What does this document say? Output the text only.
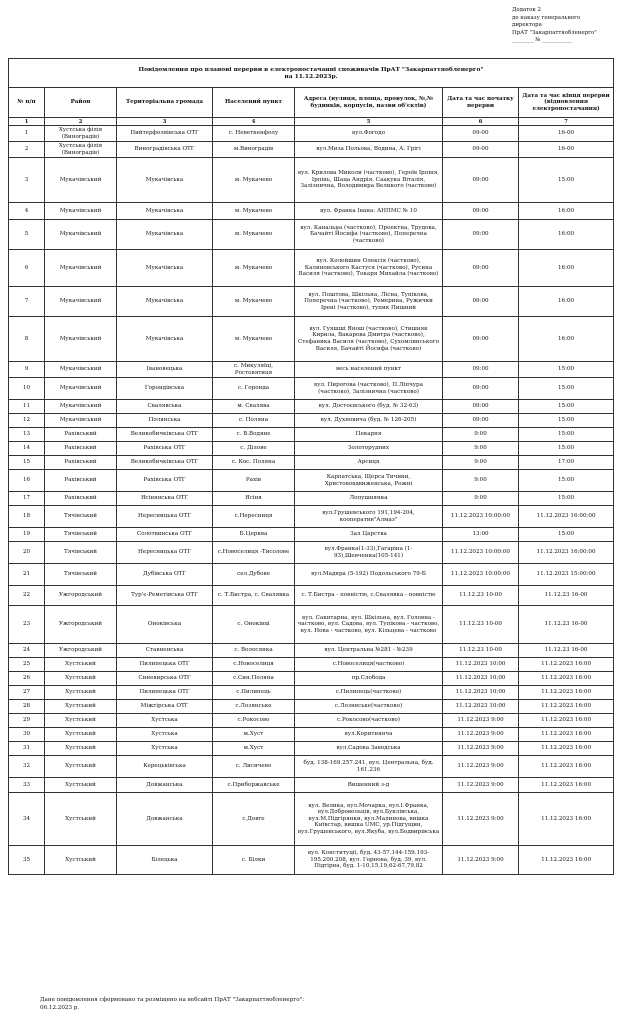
Додаток 2
до наказу генерального
директора
ПрАТ "Закарпаттяобленерго"
________ № ___________
Повідомлення про планові перерви в електропостачанні споживачів ПрАТ "Закарпаттяобленерго"
на 11.12.2023р.						

№ п/п	Район	Територіальна громада	Населений пункт	Адреса (вулиця, площа, провулок, №,№ будинків, корпусів, назви об'єктів)	Дата та час початку перерви	Дата та час кінця перерви (відновлення електропостачання)
1	2	3	4	5	6	7
1	Хустська філія (Виноградів)	Пийтерфолвівська ОТГ	с. Неветкенфолу	вул.Фогодо	09-00	16-00
2	Хустська філія (Виноградів)	Виноградівська ОТГ	м.Виноградів	вул.Миза Польова, Водина, А. Грігі	09-00	16-00
3	Мукачівський	Мукачівська	м. Мукачево	вул. Крилова Миколи (частково), Героїв Ірпіня, Ірпінь, Шаца Андрія, Саакука Віталія, Залізнична, Володимира Великого (частково)	09:00	15:00
4	Мукачівський	Мукачівська	м. Мукачево	вул. Франка Івана: АНПМС № 10	09:00	16:00
5	Мукачівський	Мукачівська	м. Мукачево	вул. Канальна (частково), Проектна, Трудова, Бачайті Йосифа (частково), Поперечна (частково)	09:00	16:00
6	Мукачівський	Мукачівська	м. Мукачево	вул. Колейшин Олексія (частково), Калиновського Кастуся (частково), Русина Василя (частково), Токаря Михайла (частково)	09:00	16:00
7	Мукачівський	Мукачівська	м. Мукачево	вул. Поштова, Шкільна, Лісна, Тупікова, Поперечна (частково), Ремерина, Ружички Ірені (частково), тупик Пишний	09:00	16:00
8	Мукачівський	Мукачівська	м. Мукачево	вул. Гуяшші Янош (частково), Стишняк Кирила, Вакарова Дмитра (частково), Стефаника Василя (частково), Сухомлинського Василя, Бачайті Йосифа (частково)	09:00	16:00
9	Мукачівський	Івановецька	с. Микуляїці, Ростовятиця	весь населений пункт	09:00	15:00
10	Мукачівський	Горондівська	с. Горонда	вул. Пирогова (частково), П.Ліпчура (частково), Залізнична (частково)	09:00	15:00
11	Мукачівський	Свалявська	м. Свалява	вул. Достоєвського (буд. № 32-63)	09:00	15:00
12	Мукачівський	Полянська	с. Поляна	вул. Духновича (буд. № 126-205)	09:00	15:00
13	Рахівський	Великобичківська ОТГ	с. В.Водяне	Пекарня	9:00	15:00
14	Рахівський	Рахівська ОТГ	с. Ділове	Золоторудних	9:00	15:00
15	Рахівський	Великобичківська ОТГ	с. Кос. Поляна	Арсиця	9:00	17:00
16	Рахівський	Рахівська ОТГ	Рахів	Карпатська, Щерса Тичини, Христововдвиженська, Рожні	9:00	15:00
17	Рахівський	Ясінянська ОТГ	Ясіня	Лопушнянка	9:00	15:00
18	Тячівський	Нересницька ОТГ	с.Нересниця	вул.Грушевського 191,194-204, кооператив"Алмаз"	11.12.2023 10:00:00	11.12.2023 16:00:00
19	Тячівський	Солотвинська ОТГ	Б.Церква	Зал Царства	13:00	15:00
20	Тячівський	Нересницька ОТГ	с.Новоселиця -Тисолове	вул.Франка(1-33),Гагаріна (1-93),Шевченка(105-141)	11.12.2023 10:00:00	11.12.2023 16:00:00
21	Тячівський	Дубівська ОТГ	сел.Дубове	вул.Мадяра (5-192) Подольського 79-Б	11.12.2023 10:00:00	11.12.2023 15:00:00
22	Ужгородський	Тур'є-Реметівська ОТГ	с. Т.Бистра, с. Свалявка	с. Т.Бистра - повністю, с.Свалявка - повністю	11.12.23 10-00	11.12.23 16-00
23	Ужгородський	Оноківська	с. Оноківці	вул. Сакнтарна, вул. Шкільна, вул. Головна - частково, вул. Садова, вул. Тупікова - частково, вул. Нова - частково, вул. Кільцева - частково	11.12.23 10-00	11.12.23 16-00
24	Ужгородський	Ставненська	с. Волосянка	вул. Центральна №281 - №239	11.12.23 10-00	11.12.23 16-00
25	Хустський	Пилипецька ОТГ	с.Новоселиця	с.Новоселиця(частково)	11.12.2023 10:00	11.12.2023 16:00
26	Хустський	Синевирська ОТГ	с.Син.Поляна	пр.Слобода	11.12.2023 10:00	11.12.2023 16:00
27	Хустський	Пилипецька ОТГ	с.Пилипець	с.Пилипець(частково)	11.12.2023 10:00	11.12.2023 16:00
28	Хустський	Міжгірська ОТГ	с.Лозянське	с.Лозянське(частково)	11.12.2023 10:00	11.12.2023 16:00
29	Хустський	Хустська	с.Рокосово	с.Рокосово(частково)	11.12.2023 9:00	11.12.2023 16:00
30	Хустський	Хустська	м.Хуст	вул.Коритнянча	11.12.2023 9:00	11.12.2023 16:00
31	Хустський	Хустська	м.Хуст	вул.Садова Заводська	11.12.2023 9:00	11.12.2023 16:00
32	Хустський	Керецьківська	с. Лисичево	буд. 138-169.257.241, вул. Центральна, буд. 161.236	11.12.2023 9:00	11.12.2023 16:00
33	Хустський	Довжанська	с.Приборжавське	Вишенний з-д	11.12.2023 9:00	11.12.2023 16:00
34	Хустський	Довжанська	с.Довге	вул. Велика, вул.Мочарка, вул.І.Франка, вул.Добровольців, вул.Буклівська, вул.М.Підгірянки, вул.Малинова, вишка Київстар, вишка UMC, ур.Підгущин, вул.Грушевського, вул.Якуба, вул.Бодвирівська	11.12.2023 9:00	11.12.2023 16:00
35	Хустський	Білецька	с. Білки	вул. Конституції, буд. 43-57.144-159.193-195.200.208, вул. Горнова, буд. 39, вул. Підгірна, буд. 1-10,15,19,62-67,79,82	11.12.2023 9:00	11.12.2023 16:00
Дане повідомлення сформовано та розміщено на вебсайті ПрАТ "Закарпаттяобленерго":
06.12.2023 р.
